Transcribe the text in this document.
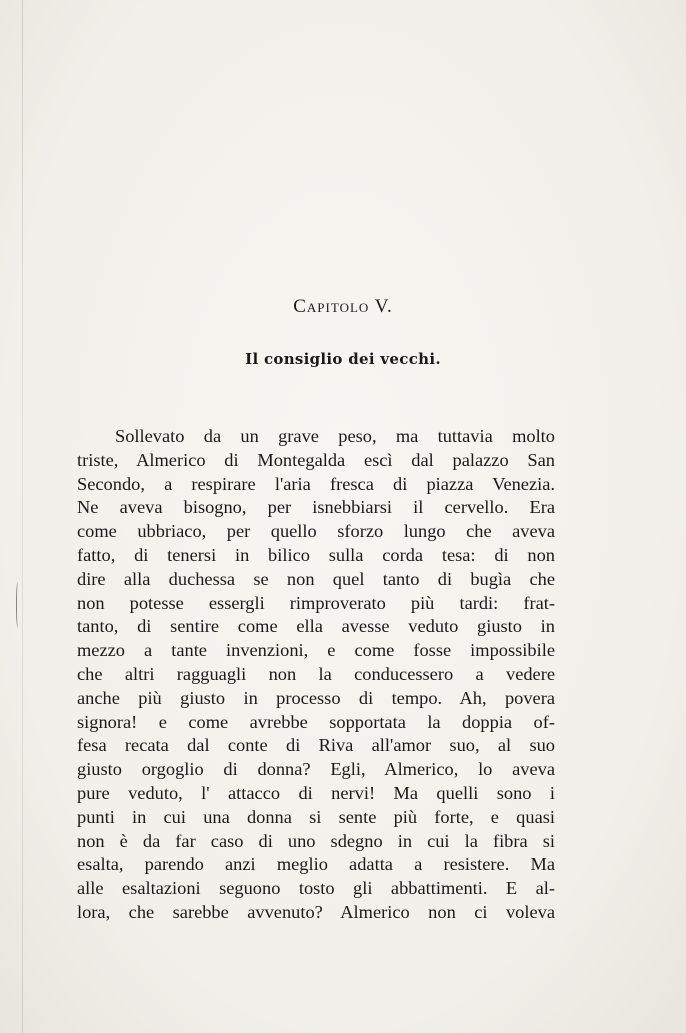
Capitolo V.
Il consiglio dei vecchi.
Sollevato da un grave peso, ma tuttavia molto
triste, Almerico di Montegalda escì dal palazzo San
Secondo, a respirare l'aria fresca di piazza Venezia.
Ne aveva bisogno, per isnebbiarsi il cervello. Era
come ubbriaco, per quello sforzo lungo che aveva
fatto, di tenersi in bilico sulla corda tesa: di non
dire alla duchessa se non quel tanto di bugìa che
non potesse essergli rimproverato più tardi: frat-
tanto, di sentire come ella avesse veduto giusto in
mezzo a tante invenzioni, e come fosse impossibile
che altri ragguagli non la conducessero a vedere
anche più giusto in processo di tempo. Ah, povera
signora! e come avrebbe sopportata la doppia of-
fesa recata dal conte di Riva all'amor suo, al suo
giusto orgoglio di donna? Egli, Almerico, lo aveva
pure veduto, l' attacco di nervi! Ma quelli sono i
punti in cui una donna si sente più forte, e quasi
non è da far caso di uno sdegno in cui la fibra si
esalta, parendo anzi meglio adatta a resistere. Ma
alle esaltazioni seguono tosto gli abbattimenti. E al-
lora, che sarebbe avvenuto? Almerico non ci voleva
